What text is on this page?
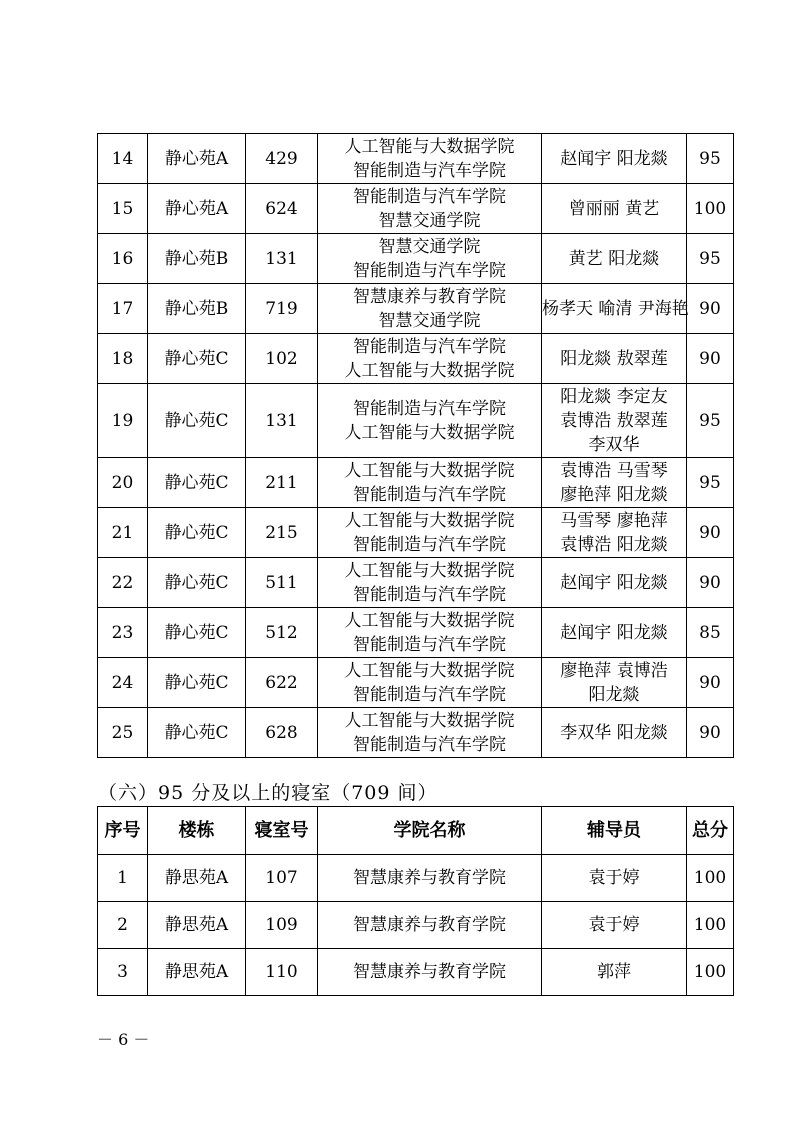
14	静心苑A	429	人工智能与大数据学院
智能制造与汽车学院	赵闻宇 阳龙燚	95
15	静心苑A	624	智能制造与汽车学院
智慧交通学院	曾丽丽 黄艺	100
16	静心苑B	131	智慧交通学院
智能制造与汽车学院	黄艺 阳龙燚	95
17	静心苑B	719	智慧康养与教育学院
智慧交通学院	杨孝天 喻清 尹海艳	90
18	静心苑C	102	智能制造与汽车学院
人工智能与大数据学院	阳龙燚 敖翠莲	90
19	静心苑C	131	智能制造与汽车学院
人工智能与大数据学院	阳龙燚 李定友
袁博浩 敖翠莲
李双华	95
20	静心苑C	211	人工智能与大数据学院
智能制造与汽车学院	袁博浩 马雪琴
廖艳萍 阳龙燚	95
21	静心苑C	215	人工智能与大数据学院
智能制造与汽车学院	马雪琴 廖艳萍
袁博浩 阳龙燚	90
22	静心苑C	511	人工智能与大数据学院
智能制造与汽车学院	赵闻宇 阳龙燚	90
23	静心苑C	512	人工智能与大数据学院
智能制造与汽车学院	赵闻宇 阳龙燚	85
24	静心苑C	622	人工智能与大数据学院
智能制造与汽车学院	廖艳萍 袁博浩
阳龙燚	90
25	静心苑C	628	人工智能与大数据学院
智能制造与汽车学院	李双华 阳龙燚	90
（六）95 分及以上的寝室（709 间）
序号	楼栋	寝室号	学院名称	辅导员	总分
1	静思苑A	107	智慧康养与教育学院	袁于婷	100
2	静思苑A	109	智慧康养与教育学院	袁于婷	100
3	静思苑A	110	智慧康养与教育学院	郭萍	100
－ 6 －
